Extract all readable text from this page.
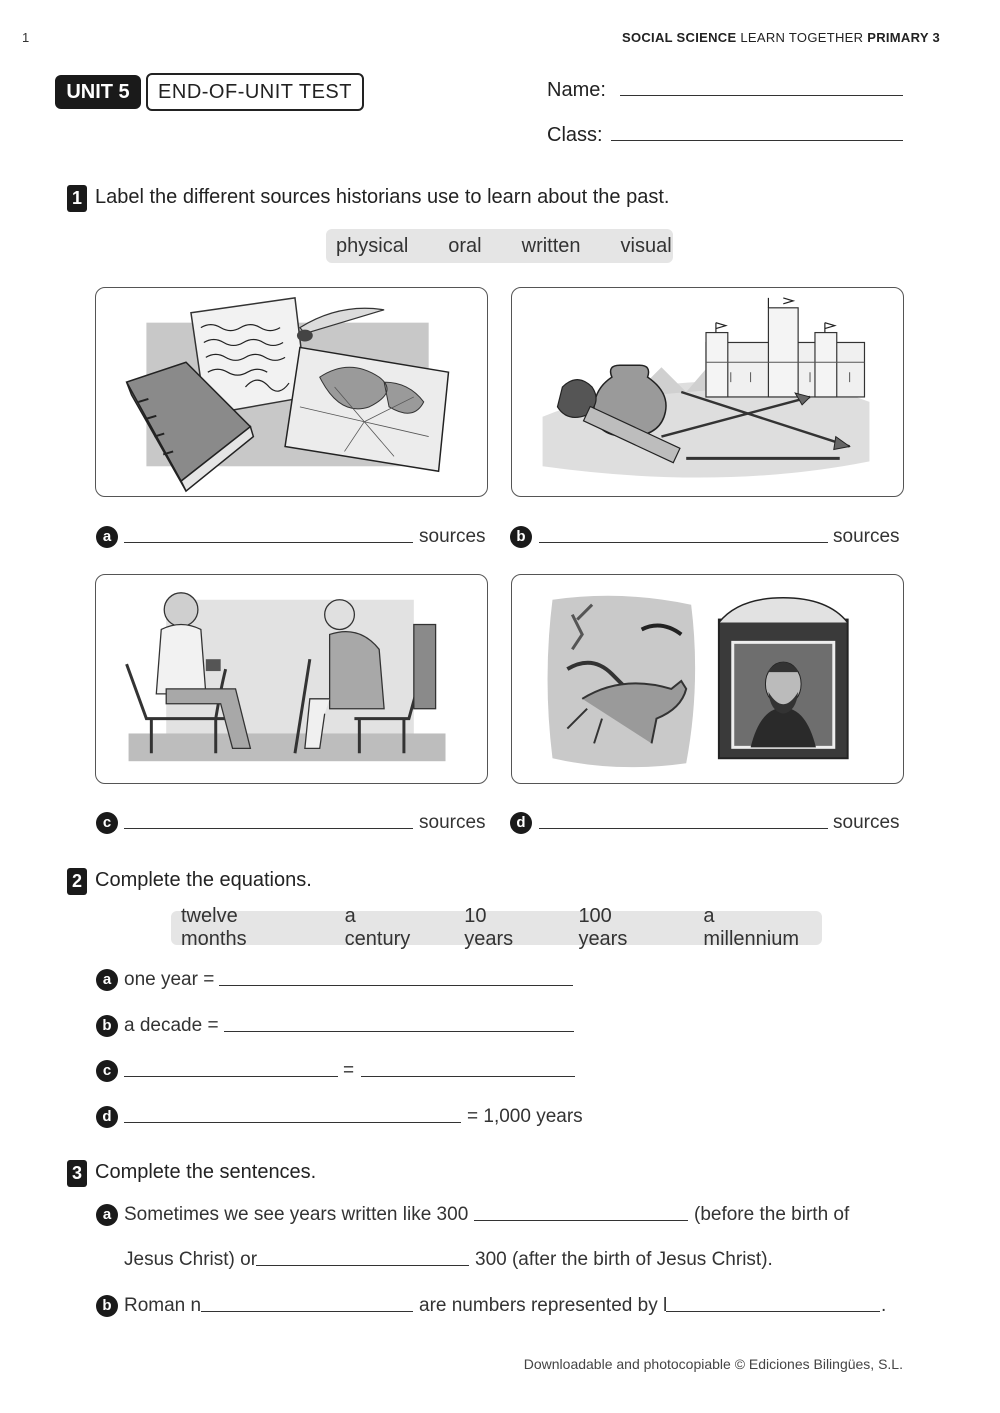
1	SOCIAL SCIENCE LEARN TOGETHER PRIMARY 3
UNIT 5	END-OF-UNIT TEST	Name:
Class:
1 Label the different sources historians use to learn about the past.
physical	oral	written	visual
a	sources	b	sources
c	sources	d	sources
2 Complete the equations.
twelve months
a century
10 years
100 years
a millennium
a one year =
b a decade =
c	=
d	= 1,000 years
3 Complete the sentences.
a Sometimes we see years written like 300	(before the birth of
Jesus Christ) or	300 (after the birth of Jesus Christ).
b Roman n	are numbers represented by l	.
Downloadable and photocopiable © Ediciones Bilingües, S.L.
